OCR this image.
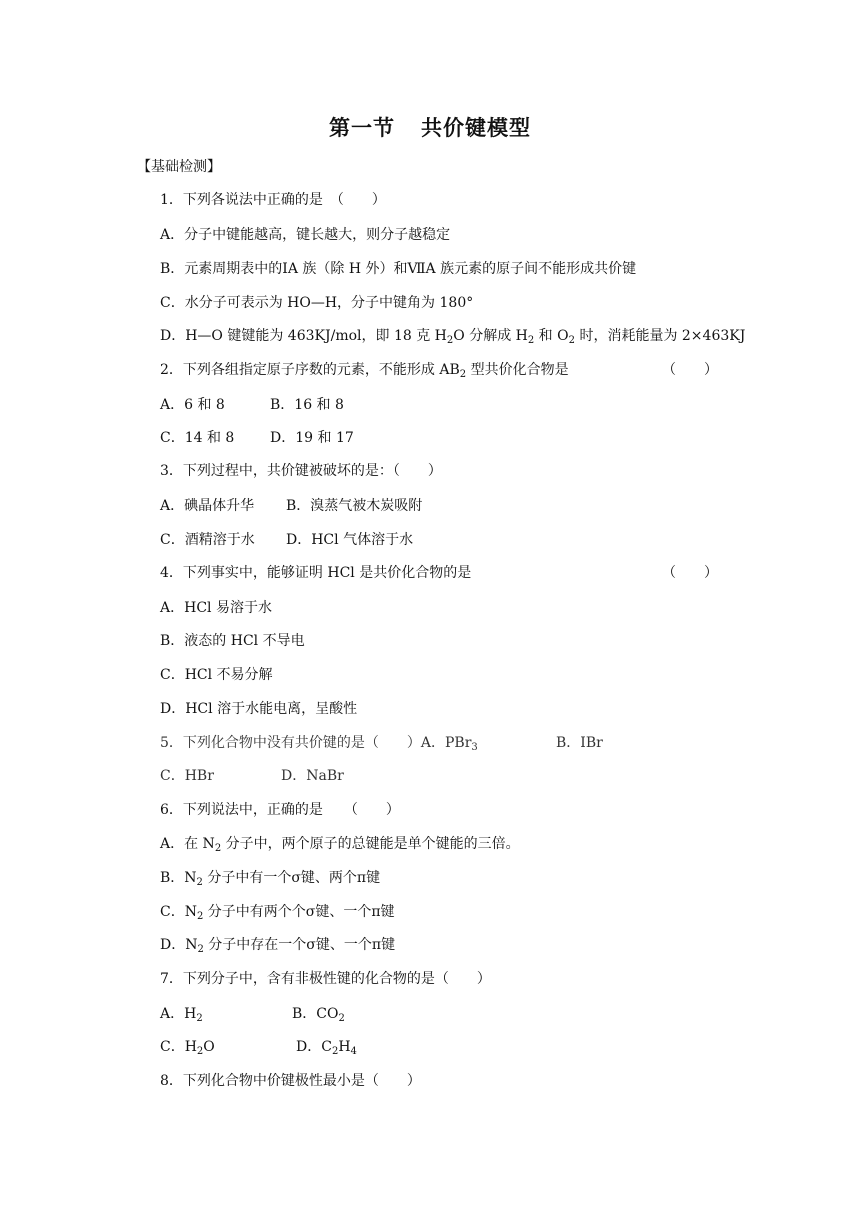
第一节 共价键模型
【基础检测】
1．下列各说法中正确的是　（　　）
A．分子中键能越高，键长越大，则分子越稳定
B．元素周期表中的ⅠA 族（除 H 外）和ⅦA 族元素的原子间不能形成共价键
C．水分子可表示为 HO—H，分子中键角为 180°
D．H—O 键键能为 463KJ/mol，即 18 克 $H_2O$ 分解成 $H_2$ 和 $O_2$ 时，消耗能量为 2×463KJ
2．下列各组指定原子序数的元素，不能形成 $AB_2$ 型共价化合物是	（　　）
A．6 和 8	B．16 和 8
C．14 和 8	D．19 和 17
3．下列过程中，共价键被破坏的是：（　　）
A．碘晶体升华 B．溴蒸气被木炭吸附
C．酒精溶于水 D．HCl 气体溶于水
4．下列事实中，能够证明 HCl 是共价化合物的是	（　　）
A．HCl 易溶于水
B．液态的 HCl 不导电
C．HCl 不易分解
D．HCl 溶于水能电离，呈酸性
5．下列化合物中没有共价键的是（　　）A．PBr$_3$	B．IBr
C．HBr	D．NaBr
6．下列说法中，正确的是　　（　　）
A．在 $N_2$ 分子中，两个原子的总键能是单个键能的三倍。
B．$N_2$ 分子中有一个σ键、两个π键
C．$N_2$ 分子中有两个个σ键、一个π键
D．$N_2$ 分子中存在一个σ键、一个π键
7．下列分子中，含有非极性键的化合物的是（　　）
A．$H_2$	B．$CO_2$
C．$H_2O$	D．$C_2H_4$
8．下列化合物中价键极性最小是（　　）
